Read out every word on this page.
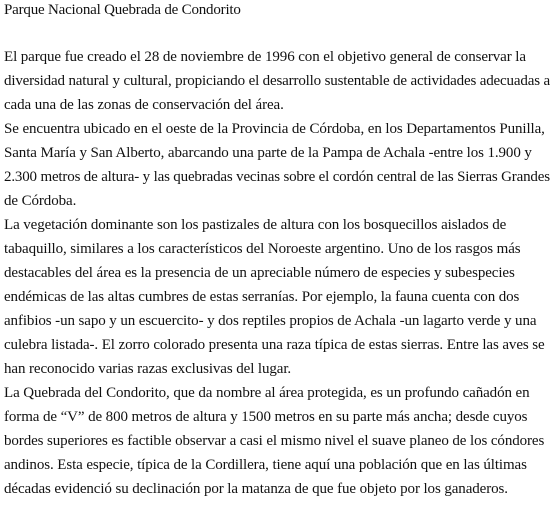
Parque Nacional Quebrada de Condorito
El parque fue creado el 28 de noviembre de 1996 con el objetivo general de conservar la
diversidad natural y cultural, propiciando el desarrollo sustentable de actividades adecuadas a
cada una de las zonas de conservación del área.
Se encuentra ubicado en el oeste de la Provincia de Córdoba, en los Departamentos Punilla,
Santa María y San Alberto, abarcando una parte de la Pampa de Achala -entre los 1.900 y
2.300 metros de altura- y las quebradas vecinas sobre el cordón central de las Sierras Grandes
de Córdoba.
La vegetación dominante son los pastizales de altura con los bosquecillos aislados de
tabaquillo, similares a los característicos del Noroeste argentino. Uno de los rasgos más
destacables del área es la presencia de un apreciable número de especies y subespecies
endémicas de las altas cumbres de estas serranías. Por ejemplo, la fauna cuenta con dos
anfibios -un sapo y un escuercito- y dos reptiles propios de Achala -un lagarto verde y una
culebra listada-. El zorro colorado presenta una raza típica de estas sierras. Entre las aves se
han reconocido varias razas exclusivas del lugar.
La Quebrada del Condorito, que da nombre al área protegida, es un profundo cañadón en
forma de “V” de 800 metros de altura y 1500 metros en su parte más ancha; desde cuyos
bordes superiores es factible observar a casi el mismo nivel el suave planeo de los cóndores
andinos. Esta especie, típica de la Cordillera, tiene aquí una población que en las últimas
décadas evidenció su declinación por la matanza de que fue objeto por los ganaderos.
